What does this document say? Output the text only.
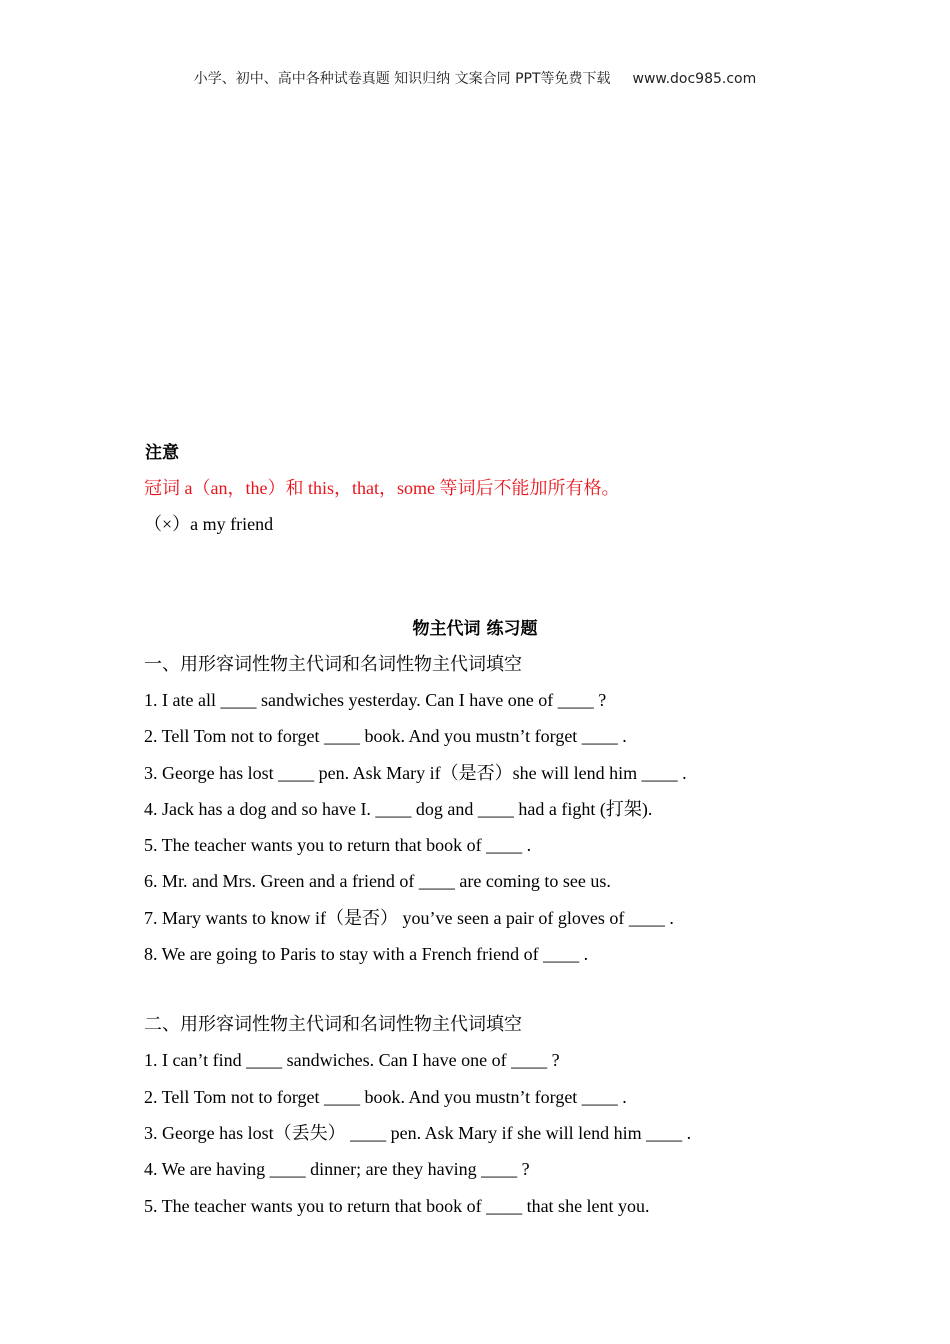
小学、初中、高中各种试卷真题 知识归纳 文案合同 PPT等免费下载 www.doc985.com
注意
冠词 a（an，the）和 this，that，some 等词后不能加所有格。
（×）a my friend
物主代词 练习题
一、用形容词性物主代词和名词性物主代词填空
1. I ate all ____ sandwiches yesterday. Can I have one of ____ ?
2. Tell Tom not to forget ____ book. And you mustn’t forget ____ .
3. George has lost ____ pen. Ask Mary if（是否）she will lend him ____ .
4. Jack has a dog and so have I. ____ dog and ____ had a fight (打架).
5. The teacher wants you to return that book of ____ .
6. Mr. and Mrs. Green and a friend of ____ are coming to see us.
7. Mary wants to know if（是否） you’ve seen a pair of gloves of ____ .
8. We are going to Paris to stay with a French friend of ____ .
二、用形容词性物主代词和名词性物主代词填空
1. I can’t find ____ sandwiches. Can I have one of ____ ?
2. Tell Tom not to forget ____ book. And you mustn’t forget ____ .
3. George has lost（丢失） ____ pen. Ask Mary if she will lend him ____ .
4. We are having ____ dinner; are they having ____ ?
5. The teacher wants you to return that book of ____ that she lent you.
